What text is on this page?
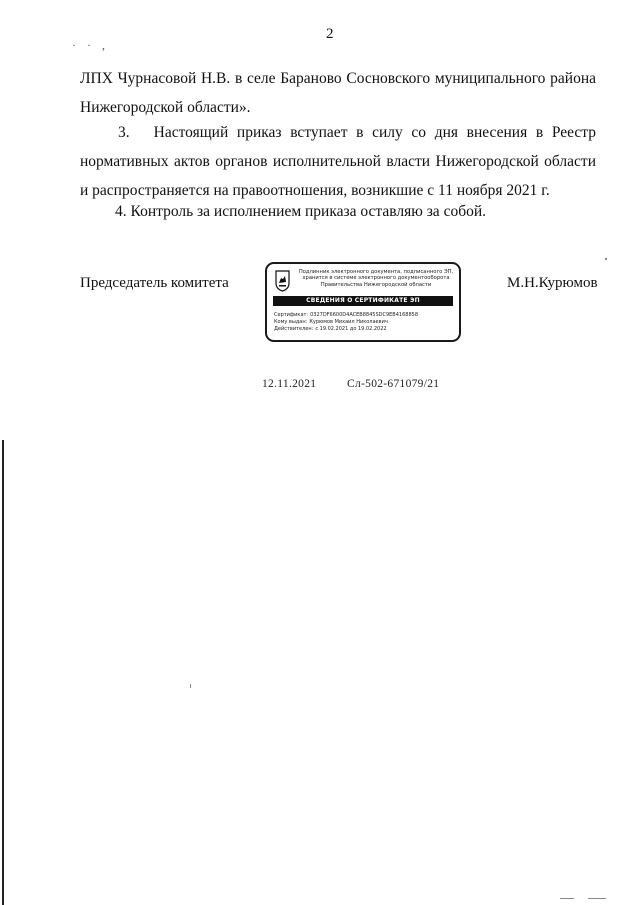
2
· · ,
ЛПХ Чурнасовой Н.В. в селе Бараново Сосновского муниципального района
Нижегородской области».
3. Настоящий приказ вступает в силу со дня внесения в Реестр нормативных актов органов исполнительной власти Нижегородской области и распространяется на правоотношения, возникшие с 11 ноября 2021 г.
4. Контроль за исполнением приказа оставляю за собой.
Председатель комитета	М.Н.Курюмов
Подлинник электронного документа, подписанного ЭП, хранится в системе электронного документооборота Правительства Нижегородской области
СВЕДЕНИЯ О СЕРТИФИКАТЕ ЭП
Сертификат: 0327DF6600D4ACEB8845SDC9EB4168858
Кому выдан: Курюмов Михаил Николаевич
Действителен: с 19.02.2021 до 19.02.2022
12.11.2021	Сл-502-671079/21
